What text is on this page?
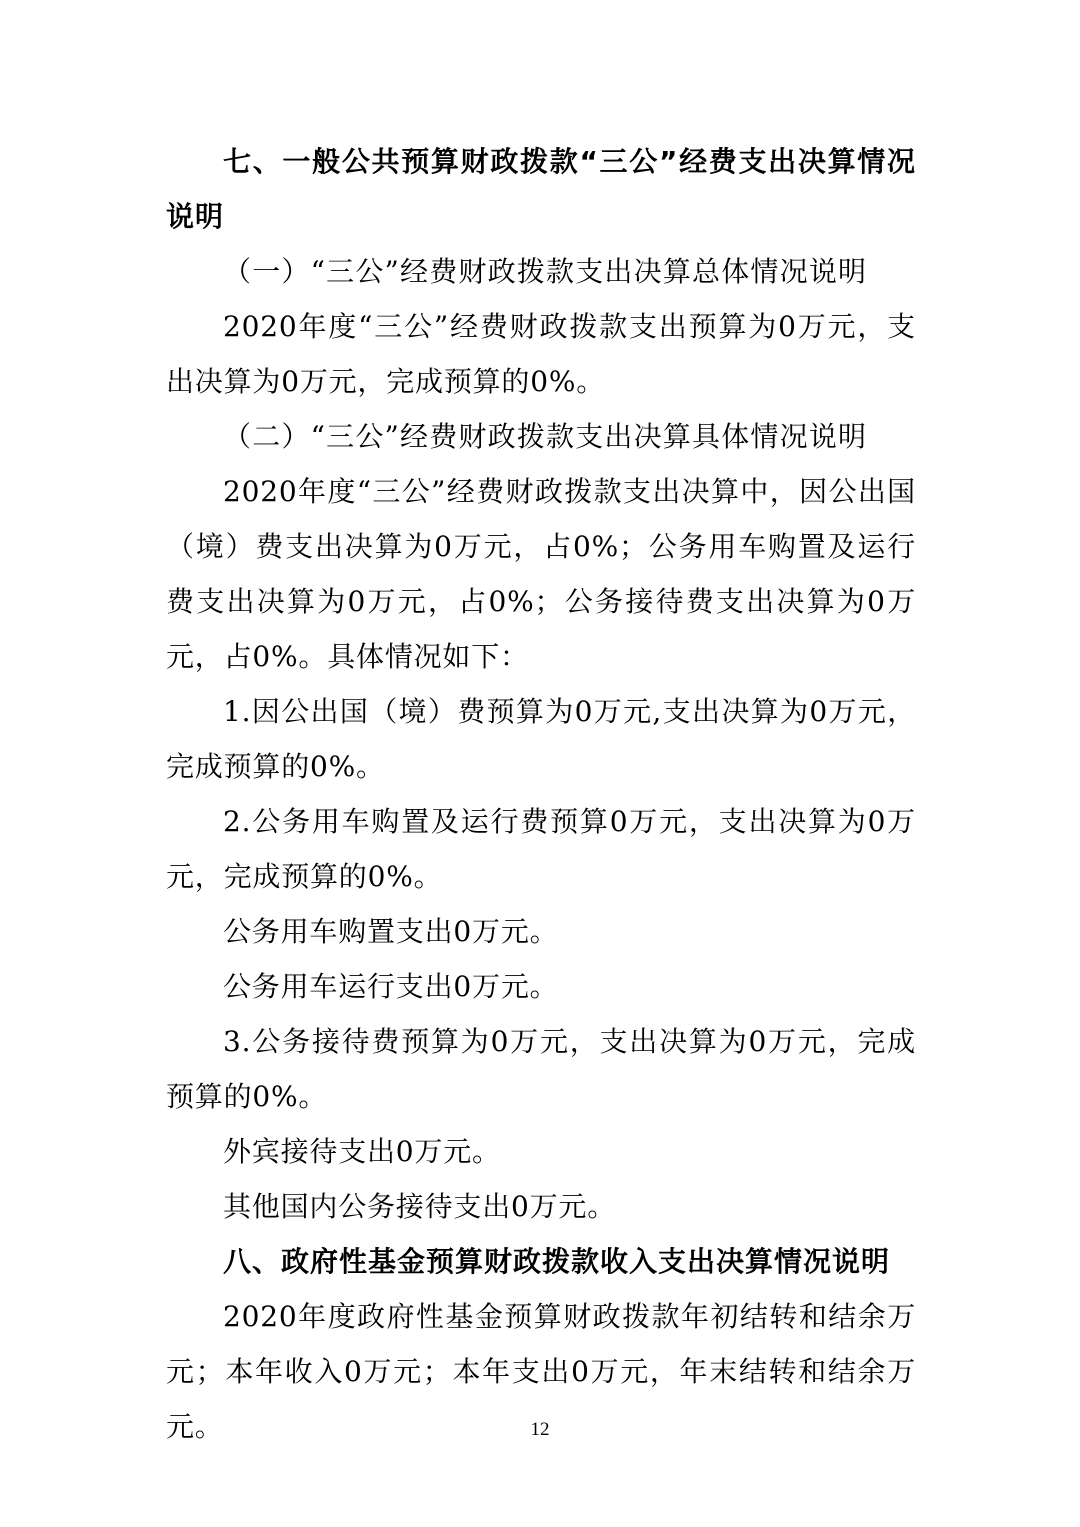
七、一般公共预算财政拨款“三公”经费支出决算情况说明

（一）“三公”经费财政拨款支出决算总体情况说明

2020年度“三公”经费财政拨款支出预算为0万元，支出决算为0万元，完成预算的0%。

（二）“三公”经费财政拨款支出决算具体情况说明

2020年度“三公”经费财政拨款支出决算中，因公出国（境）费支出决算为0万元，占0%；公务用车购置及运行费支出决算为0万元，占0%；公务接待费支出决算为0万元，占0%。具体情况如下：

1.因公出国（境）费预算为0万元,支出决算为0万元，完成预算的0%。

2.公务用车购置及运行费预算0万元，支出决算为0万元，完成预算的0%。

公务用车购置支出0万元。

公务用车运行支出0万元。

3.公务接待费预算为0万元，支出决算为0万元，完成预算的0%。

外宾接待支出0万元。

其他国内公务接待支出0万元。

八、政府性基金预算财政拨款收入支出决算情况说明

2020年度政府性基金预算财政拨款年初结转和结余万元；本年收入0万元；本年支出0万元，年末结转和结余万元。	12
